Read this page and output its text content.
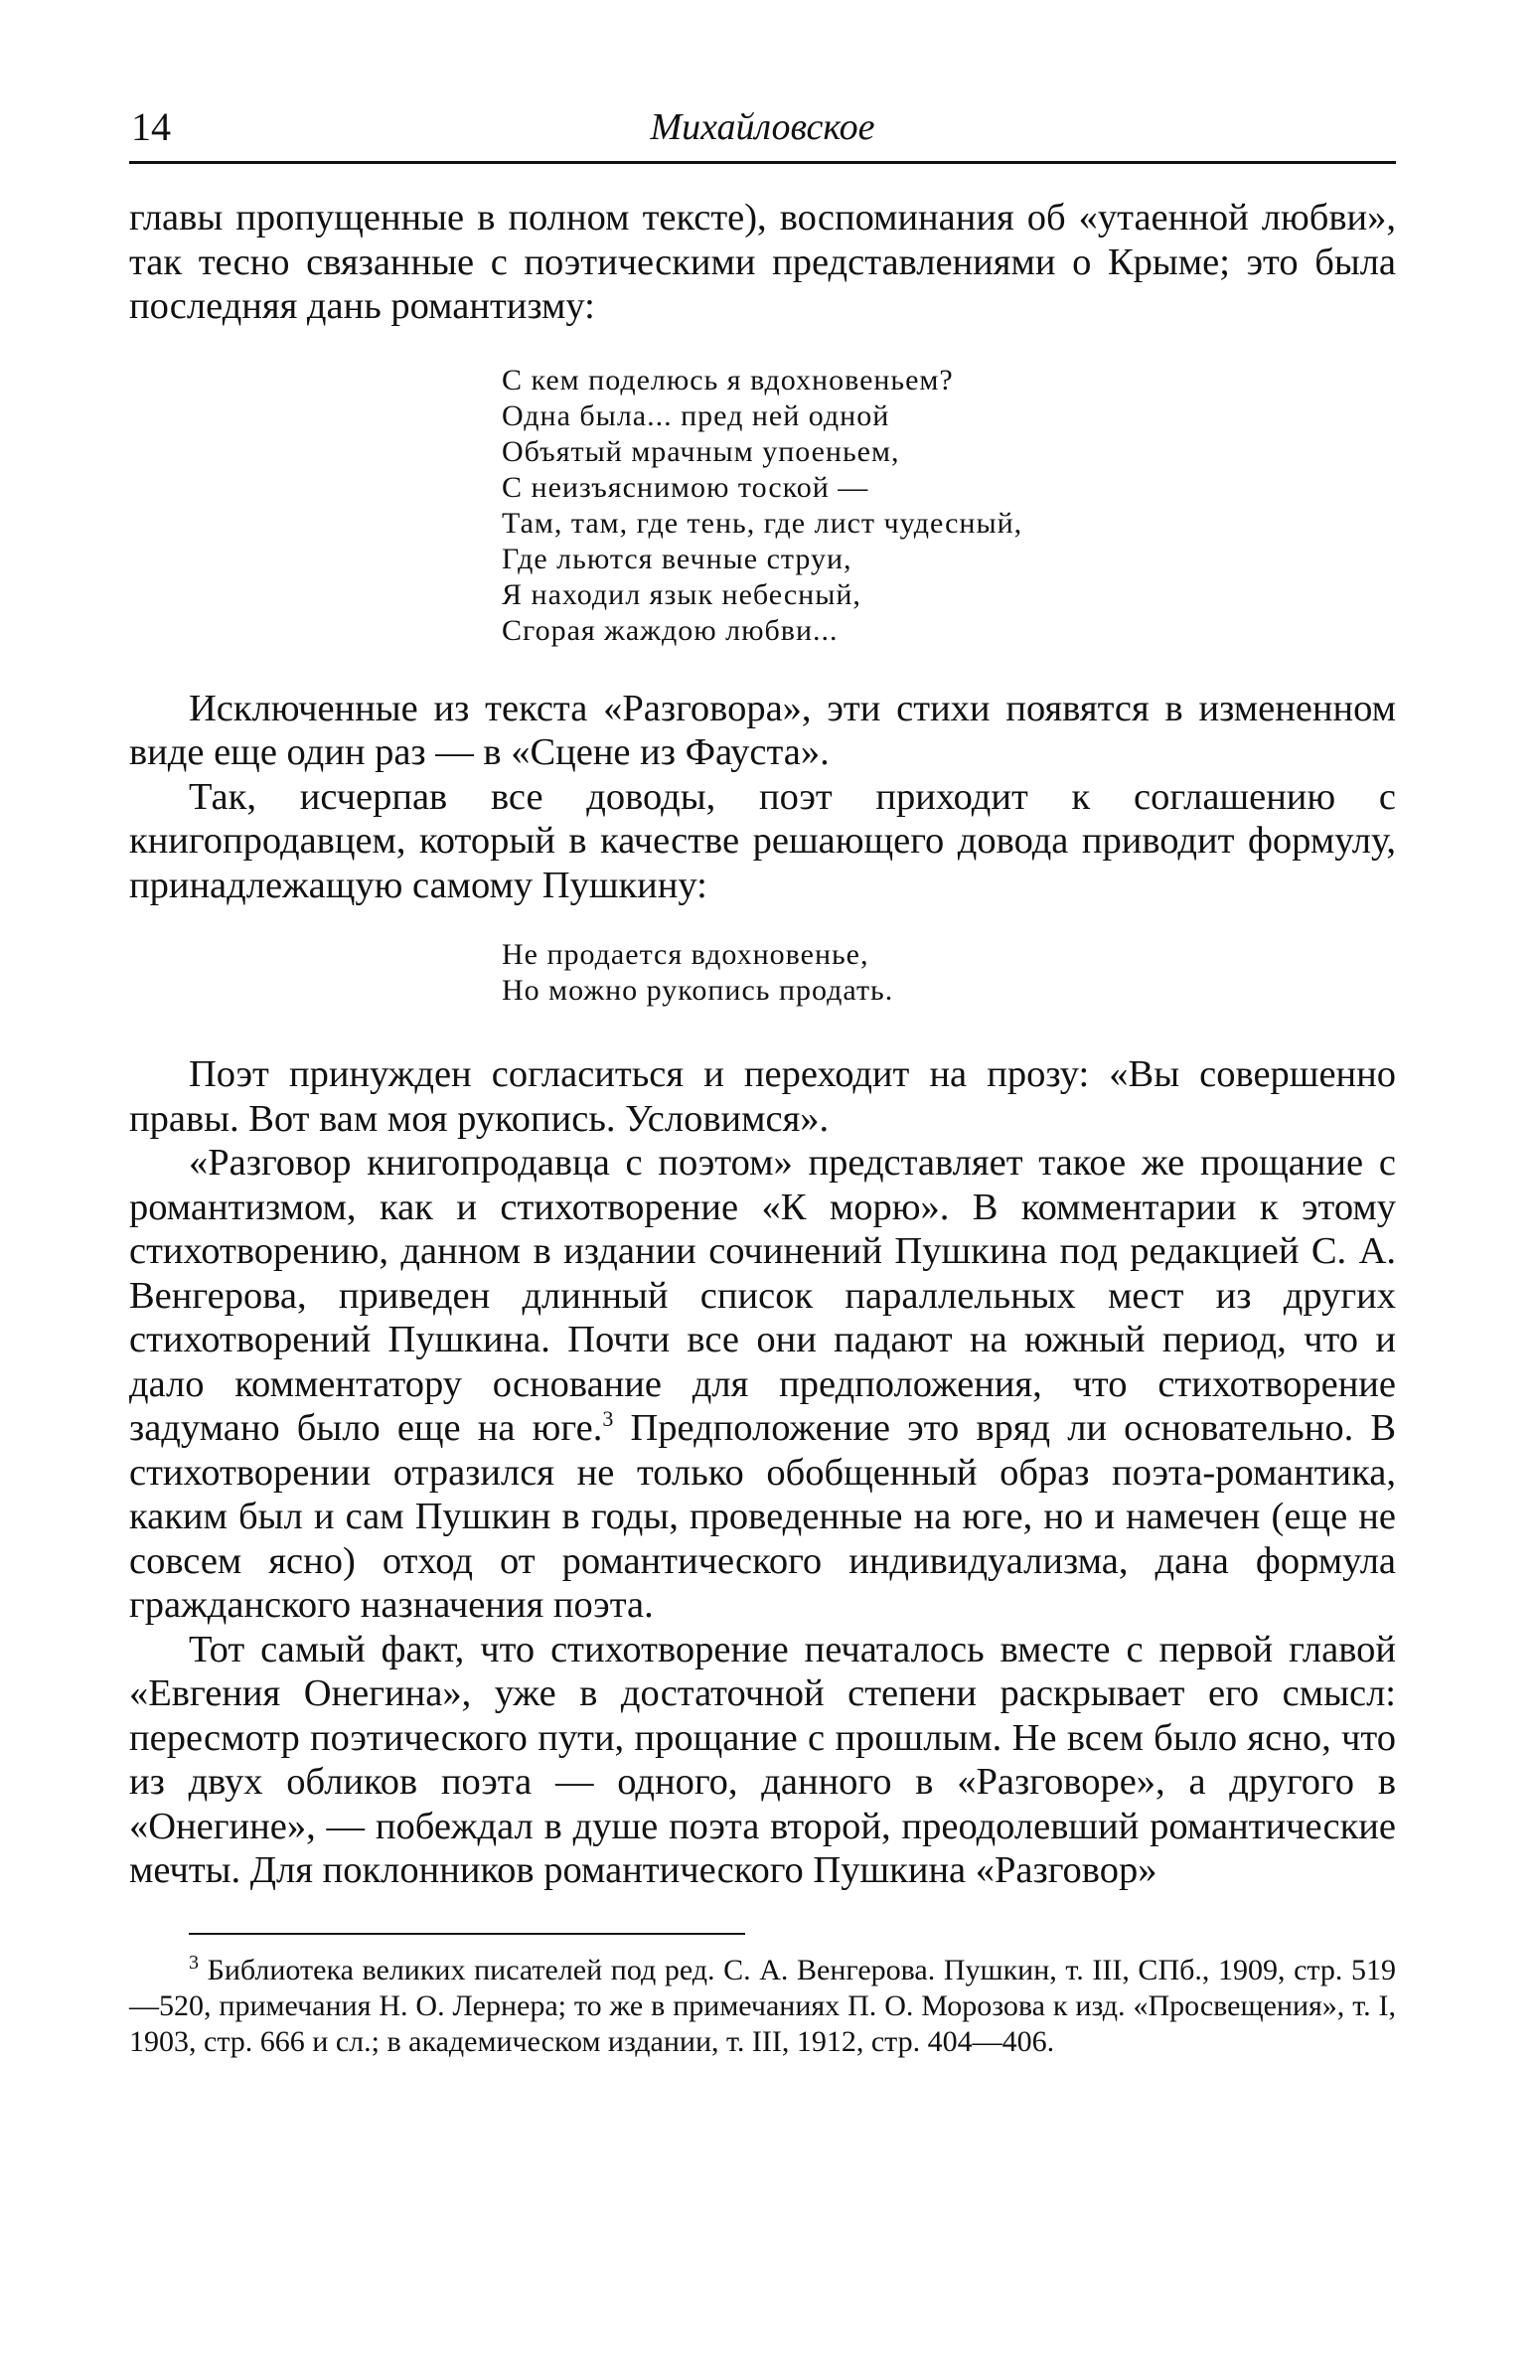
14	Михайловское

главы пропущенные в полном тексте), воспоминания об «утаенной любви», так тесно связанные с поэтическими представлениями о Крыме; это была последняя дань романтизму:

С кем поделюсь я вдохновеньем?
Одна была... пред ней одной
Объятый мрачным упоеньем,
С неизъяснимою тоской —
Там, там, где тень, где лист чудесный,
Где льются вечные струи,
Я находил язык небесный,
Сгорая жаждою любви...

Исключенные из текста «Разговора», эти стихи появятся в измененном виде еще один раз — в «Сцене из Фауста».

Так, исчерпав все доводы, поэт приходит к соглашению с книгопродавцем, который в качестве решающего довода приводит формулу, принадлежащую самому Пушкину:

Не продается вдохновенье,
Но можно рукопись продать.

Поэт принужден согласиться и переходит на прозу: «Вы совершенно правы. Вот вам моя рукопись. Условимся».

«Разговор книгопродавца с поэтом» представляет такое же прощание с романтизмом, как и стихотворение «К морю». В комментарии к этому стихотворению, данном в издании сочинений Пушкина под редакцией С. А. Венгерова, приведен длинный список параллельных мест из других стихотворений Пушкина. Почти все они падают на южный период, что и дало комментатору основание для предположения, что стихотворение задумано было еще на юге.$^3$ Предположение это вряд ли основательно. В стихотворении отразился не только обобщенный образ поэта-романтика, каким был и сам Пушкин в годы, проведенные на юге, но и намечен (еще не совсем ясно) отход от романтического индивидуализма, дана формула гражданского назначения поэта.

Тот самый факт, что стихотворение печаталось вместе с первой главой «Евгения Онегина», уже в достаточной степени раскрывает его смысл: пересмотр поэтического пути, прощание с прошлым. Не всем было ясно, что из двух обликов поэта — одного, данного в «Разговоре», а другого в «Онегине», — побеждал в душе поэта второй, преодолевший романтические мечты. Для поклонников романтического Пушкина «Разговор»

$^3$ Библиотека великих писателей под ред. С. А. Венгерова. Пушкин, т. III, СПб., 1909, стр. 519—520, примечания Н. О. Лернера; то же в примечаниях П. О. Морозова к изд. «Просвещения», т. I, 1903, стр. 666 и сл.; в академическом издании, т. III, 1912, стр. 404—406.
